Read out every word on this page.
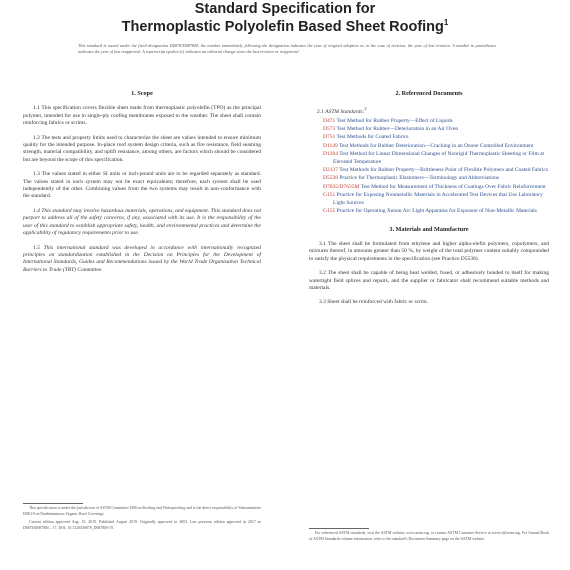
Standard Specification for
Thermoplastic Polyolefin Based Sheet Roofing$^1$
This standard is issued under the fixed designation D6878/D6878M; the number immediately following the designation indicates the year of original adoption or, in the case of revision, the year of last revision. A number in parentheses indicates the year of last reapproval. A superscript epsilon (ε) indicates an editorial change since the last revision or reapproval.
1. Scope

1.1 This specification covers flexible sheet made from thermoplastic polyolefin (TPO) as the principal polymer, intended for use in single-ply roofing membranes exposed to the weather. The sheet shall contain reinforcing fabrics or scrims.

1.2 The tests and property limits used to characterize the sheet are values intended to ensure minimum quality for the intended purpose. In-place roof system design criteria, such as fire resistance, field seaming strength, material compatibility, and uplift resistance, among others, are factors which should be considered but are beyond the scope of this specification.

1.3 The values stated in either SI units or inch-pound units are to be regarded separately as standard. The values stated in each system may not be exact equivalents; therefore, each system shall be used independently of the other. Combining values from the two systems may result in non-conformance with the standard.

1.4 This standard may involve hazardous materials, operations, and equipment. This standard does not purport to address all of the safety concerns, if any, associated with its use. It is the responsibility of the user of this standard to establish appropriate safety, health, and environmental practices and determine the applicability of regulatory requirements prior to use.

1.5 This international standard was developed in accordance with internationally recognized principles on standardization established in the Decision on Principles for the Development of International Standards, Guides and Recommendations issued by the World Trade Organization Technical Barriers to Trade (TBT) Committee.

2. Referenced Documents
2.1 ASTM Standards:$^2$
D471 Test Method for Rubber Property—Effect of Liquids
D573 Test Method for Rubber—Deterioration in an Air Oven
D751 Test Methods for Coated Fabrics
D1149 Test Methods for Rubber Deterioration—Cracking in an Ozone Controlled Environment
D1204 Test Method for Linear Dimensional Changes of Nonrigid Thermoplastic Sheeting or Film at Elevated Temperature
D2137 Test Methods for Rubber Property—Brittleness Point of Flexible Polymers and Coated Fabrics
D5538 Practice for Thermoplastic Elastomers—Terminology and Abbreviations
D7635/D7635M Test Method for Measurement of Thickness of Coatings Over Fabric Reinforcement
G151 Practice for Exposing Nonmetallic Materials in Accelerated Test Devices that Use Laboratory Light Sources
G155 Practice for Operating Xenon Arc Light Apparatus for Exposure of Non-Metallic Materials
3. Materials and Manufacture

3.1 The sheet shall be formulated from ethylene and higher alpha-olefin polymers, copolymers, and mixtures thereof, in amounts greater than 50 %, by weight of the total polymer content suitably compounded to satisfy the physical requirements in the specification (see Practice D5538).

3.2 The sheet shall be capable of being heat welded, fused, or adhesively bonded to itself for making watertight field splices and repairs, and the supplier or fabricator shall recommend suitable methods and materials.

3.3 Sheet shall be reinforced with fabric or scrim.

This specification is under the jurisdiction of ASTM Committee D08 on Roofing and Waterproofing and is the direct responsibility of Subcommittee D08.18 on Nonbituminous Organic Roof Coverings.

Current edition approved Aug. 15, 2019. Published August 2019. Originally approved in 2003. Last previous edition approved in 2017 as D6878/D6878M – 17. DOI: 10.1520/D6878_D6878M-19.

For referenced ASTM standards, visit the ASTM website, www.astm.org, or contact ASTM Customer Service at service@astm.org. For Annual Book of ASTM Standards volume information, refer to the standard's Document Summary page on the ASTM website.
